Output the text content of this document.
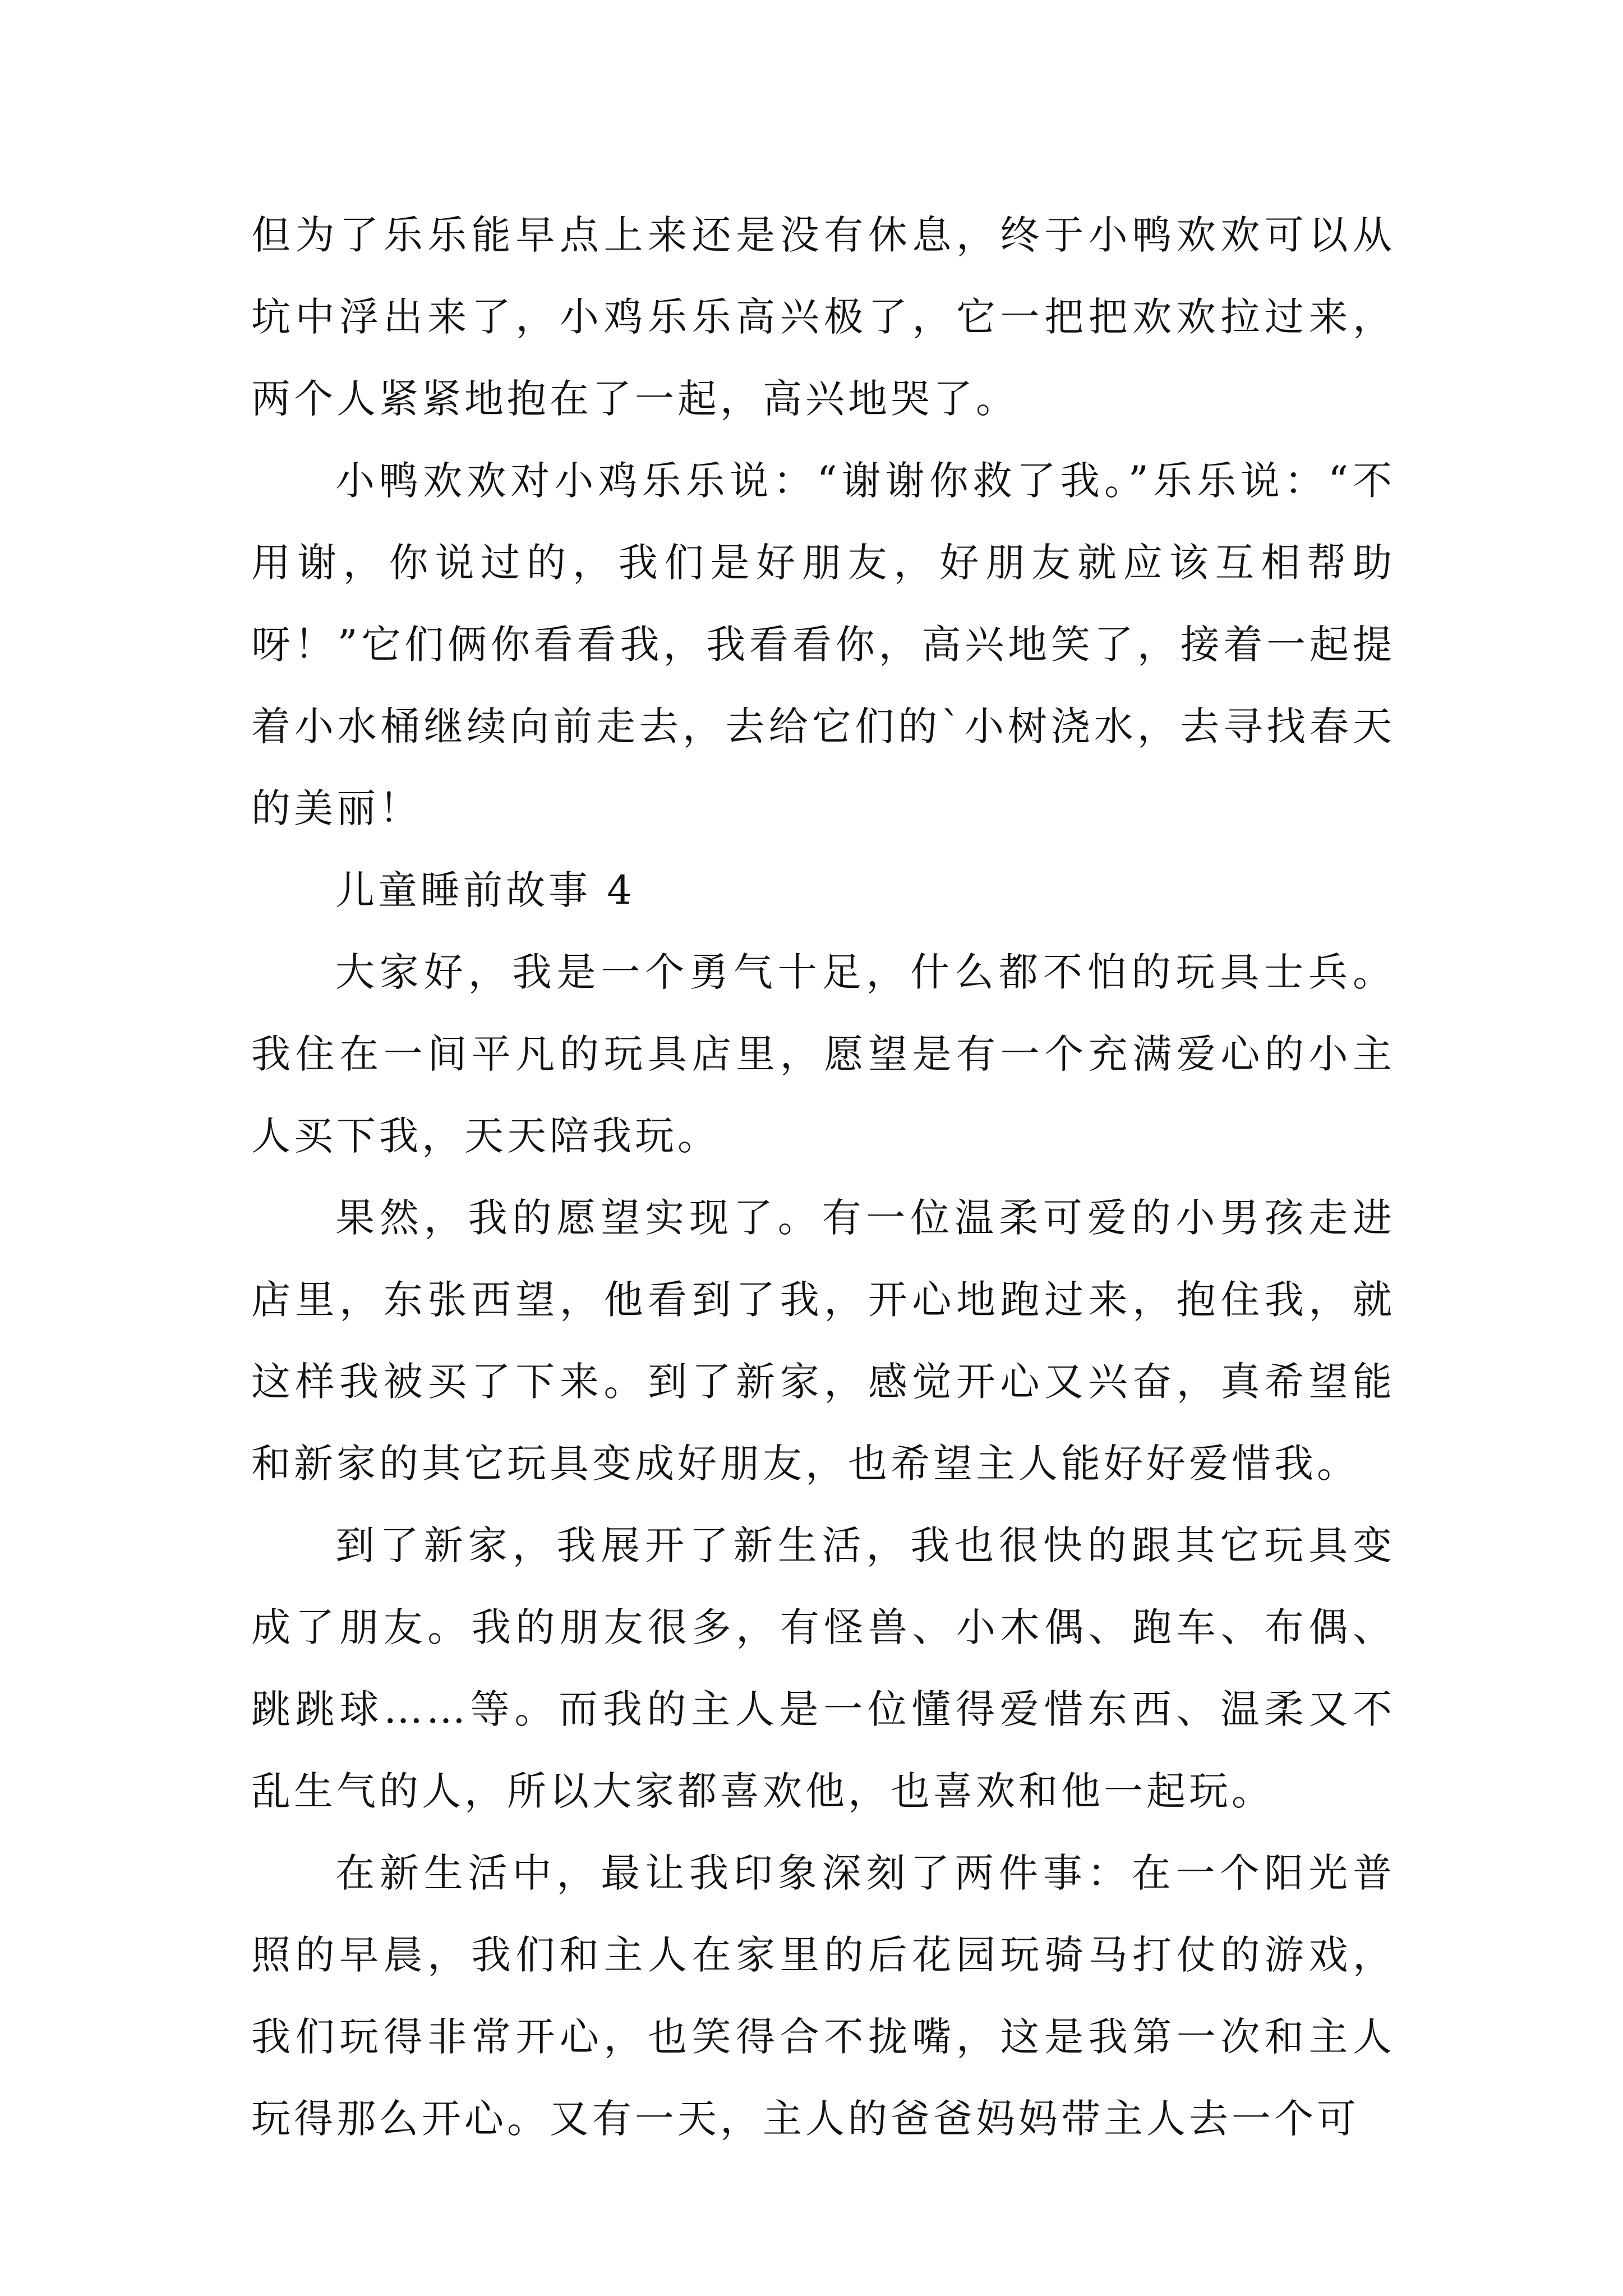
但为了乐乐能早点上来还是没有休息，终于小鸭欢欢可以从坑中浮出来了，小鸡乐乐高兴极了，它一把把欢欢拉过来，两个人紧紧地抱在了一起，高兴地哭了。

小鸭欢欢对小鸡乐乐说：“谢谢你救了我。”乐乐说：“不用谢，你说过的，我们是好朋友，好朋友就应该互相帮助呀！”它们俩你看看我，我看看你，高兴地笑了，接着一起提着小水桶继续向前走去，去给它们的`小树浇水，去寻找春天的美丽！

儿童睡前故事 4

大家好，我是一个勇气十足，什么都不怕的玩具士兵。我住在一间平凡的玩具店里，愿望是有一个充满爱心的小主人买下我，天天陪我玩。

果然，我的愿望实现了。有一位温柔可爱的小男孩走进店里，东张西望，他看到了我，开心地跑过来，抱住我，就这样我被买了下来。到了新家，感觉开心又兴奋，真希望能和新家的其它玩具变成好朋友，也希望主人能好好爱惜我。

到了新家，我展开了新生活，我也很快的跟其它玩具变成了朋友。我的朋友很多，有怪兽、小木偶、跑车、布偶、跳跳球……等。而我的主人是一位懂得爱惜东西、温柔又不乱生气的人，所以大家都喜欢他，也喜欢和他一起玩。

在新生活中，最让我印象深刻了两件事：在一个阳光普照的早晨，我们和主人在家里的后花园玩骑马打仗的游戏，我们玩得非常开心，也笑得合不拢嘴，这是我第一次和主人玩得那么开心。又有一天，主人的爸爸妈妈带主人去一个可
